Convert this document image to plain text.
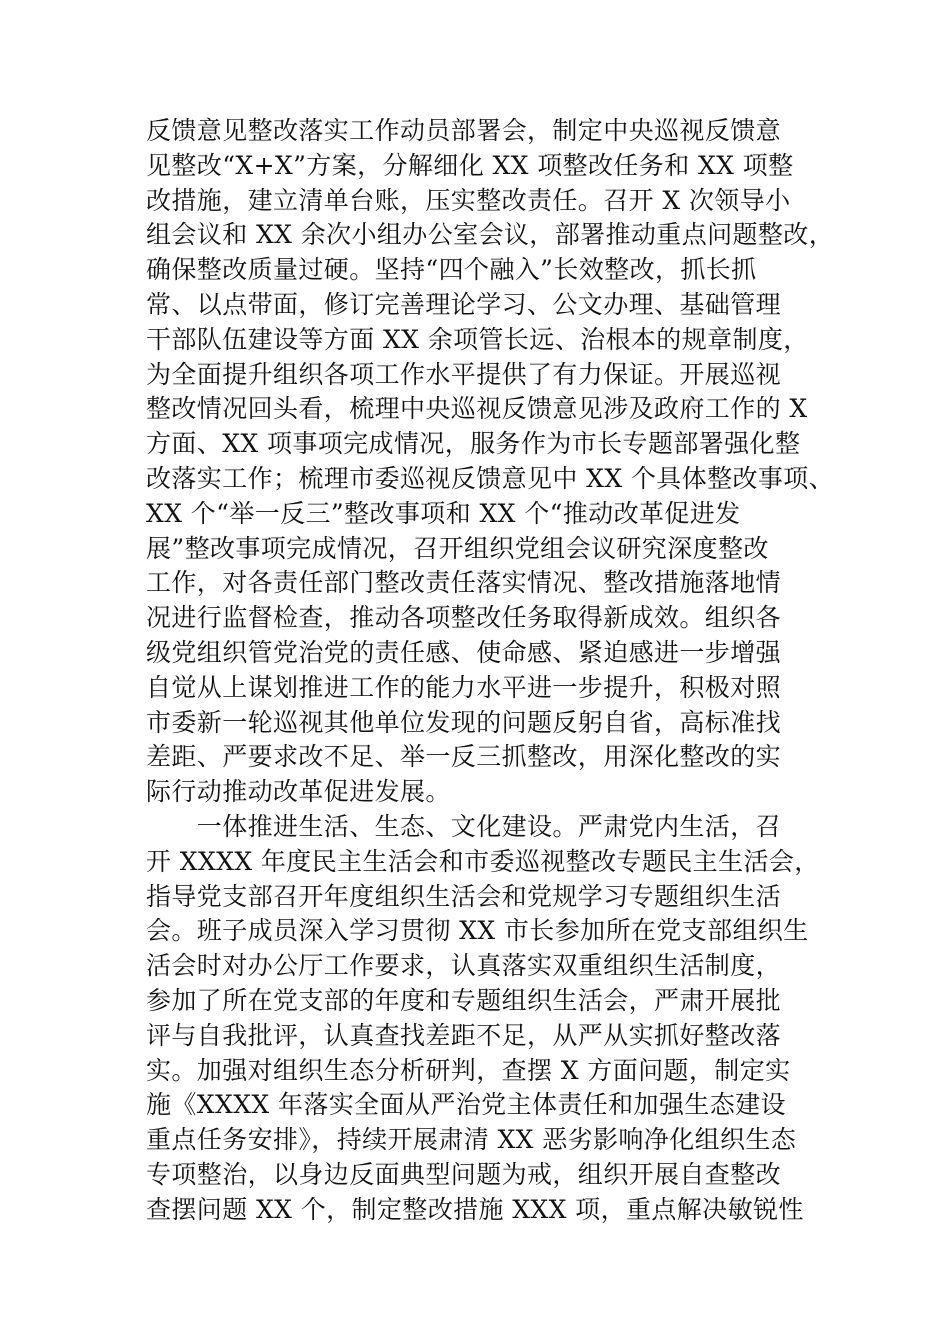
反馈意见整改落实工作动员部署会，制定中央巡视反馈意
见整改“X+X”方案，分解细化 XX 项整改任务和 XX 项整
改措施，建立清单台账，压实整改责任。召开 X 次领导小
组会议和 XX 余次小组办公室会议，部署推动重点问题整改，
确保整改质量过硬。坚持“四个融入”长效整改，抓长抓
常、以点带面，修订完善理论学习、公文办理、基础管理
干部队伍建设等方面 XX 余项管长远、治根本的规章制度，
为全面提升组织各项工作水平提供了有力保证。开展巡视
整改情况回头看，梳理中央巡视反馈意见涉及政府工作的 X
方面、XX 项事项完成情况，服务作为市长专题部署强化整
改落实工作；梳理市委巡视反馈意见中 XX 个具体整改事项、
XX 个“举一反三”整改事项和 XX 个“推动改革促进发
展”整改事项完成情况，召开组织党组会议研究深度整改
工作，对各责任部门整改责任落实情况、整改措施落地情
况进行监督检查，推动各项整改任务取得新成效。组织各
级党组织管党治党的责任感、使命感、紧迫感进一步增强
自觉从上谋划推进工作的能力水平进一步提升，积极对照
市委新一轮巡视其他单位发现的问题反躬自省，高标准找
差距、严要求改不足、举一反三抓整改，用深化整改的实
际行动推动改革促进发展。
　　一体推进生活、生态、文化建设。严肃党内生活，召
开 XXXX 年度民主生活会和市委巡视整改专题民主生活会，
指导党支部召开年度组织生活会和党规学习专题组织生活
会。班子成员深入学习贯彻 XX 市长参加所在党支部组织生
活会时对办公厅工作要求，认真落实双重组织生活制度，
参加了所在党支部的年度和专题组织生活会，严肃开展批
评与自我批评，认真查找差距不足，从严从实抓好整改落
实。加强对组织生态分析研判，查摆 X 方面问题，制定实
施《XXXX 年落实全面从严治党主体责任和加强生态建设
重点任务安排》，持续开展肃清 XX 恶劣影响净化组织生态
专项整治，以身边反面典型问题为戒，组织开展自查整改
查摆问题 XX 个，制定整改措施 XXX 项，重点解决敏锐性
